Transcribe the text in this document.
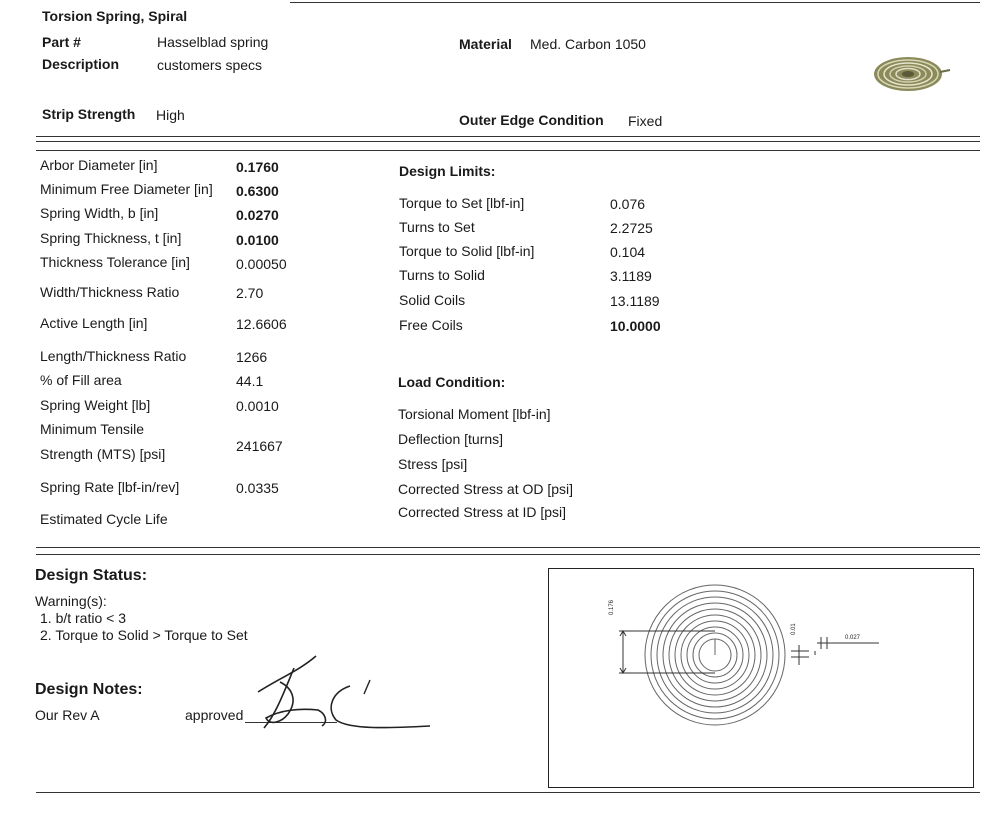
Torsion Spring, Spiral
Part #	Hasselblad spring
Description	customers specs
Material Med. Carbon 1050
Strip Strength High	Outer Edge Condition Fixed
Arbor Diameter [in]	0.1760
Minimum Free Diameter [in] 0.6300
Spring Width, b [in]	0.0270
Spring Thickness, t [in]	0.0100
Thickness Tolerance [in]	0.00050
Width/Thickness Ratio	2.70
Active Length [in]	12.6606
Length/Thickness Ratio	1266
% of Fill area	44.1
Spring Weight [lb]	0.0010
Minimum Tensile
Strength (MTS) [psi]	241667
Spring Rate [lbf-in/rev]	0.0335
Estimated Cycle Life
Design Limits:
Torque to Set [lbf-in]	0.076
Turns to Set	2.2725
Torque to Solid [lbf-in]	0.104
Turns to Solid	3.1189
Solid Coils	13.1189
Free Coils	10.0000
Load Condition:
Torsional Moment [lbf-in]
Deflection [turns]
Stress [psi]
Corrected Stress at OD [psi]
Corrected Stress at ID [psi]
Design Status:
Warning(s):
1. b/t ratio < 3
2. Torque to Solid > Torque to Set
Design Notes:
Our Rev A	approved
0.176
0.01
0.027
